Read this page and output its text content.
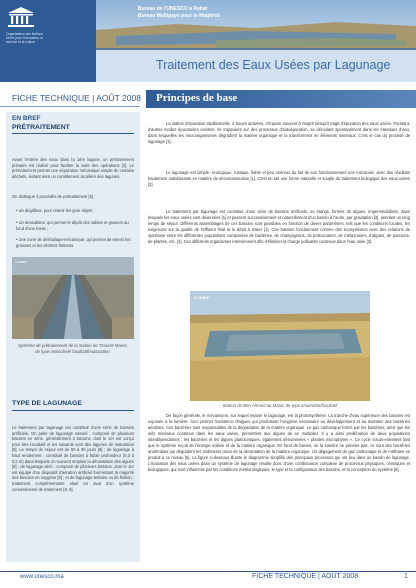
Organisation des Nations Unies pour l'éducation, la science et la culture
Bureau de l'UNESCO à Rabat
Bureau Multipays pour le Maghreb
Traitement des Eaux Usées par Lagunage
FICHE TECHNIQUE | AOÛT 2008 Principes de base
EN BREF
PRÉTRAITEMENT
Avant l'entrée des eaux dans la 1ère lagune, un prétraitement primaire est réalisé pour faciliter la suite des opérations [2]. Le prétraitement permet une séparation mécanique simple de certains déchets, évitant ainsi un comblement accéléré des lagunes.
On distingue 3 procédés de prétraitement [2] :
• Un dégrilleur, pour retenir les gros objets ;
• Un dessableur, qui permet le dépôt des sables et graviers au fond d'une fosse ;
• Une zone de déshuilage-mécanique, qui permet de retenir les graisses et les déchets flottants.
© ONEP
Système de prétraitement de la station de Tzourirt-Maroc, de type ombrofrelé facultatif/maturation.
TYPE DE LAGUNAGE
Le traitement par lagunage est constitué d'une série de bassins artificiels. On parle de lagunage naturel : composé de plusieurs bassins en série, généralement 3 bassins, dont le 1er est conçu pour être facultatif et les suivants sont des lagunes de maturation [8]. Le temps de séjour est de 60 à 90 jours [8] ; de lagunage à haut rendement : constitué de bassins à faible profondeur (0,3 à 0,5 m) dans lesquels on souvent emploie la décantation des algues [8] ; de lagunage aéré : composé de plusieurs bassins, dont le 1er est équipé d'un dispositif d'aération artificiel fournissant la majorité des besoins en oxygène [8] ; et de lagunage tertiaire ou de finition : traitement complémentaire situé en aval d'un système conventionnel de traitement [8, 9].
La station d'épuration traditionnelle, à boues activées, s'impose souvent à l'esprit lorsqu'il s'agit d'épuration des eaux usées. Pourtant, d'autres modes épuratoires existent. Ils s'appuient sur des processus d'autoépuration, se déroulant spontanément dans les étendues d'eau, dans lesquelles les microorganismes dégradent la matière organique et la transforment en éléments minéraux. C'est le cas du procédé de lagunage [1].
Le lagunage est simple, écologique, rustique, fiable et peu onéreux du fait de son fonctionnement non mécanisé, avec des résultats hautement satisfaisants en matière de décontamination [1]. C'est en tait une forme naturelle et souple du traitement biologique des eaux usées [2].
Le traitement par lagunage est constitué d'une série de bassins artificiels, ou étangs, formés de digues, imperméabilisés, dans lesquels les eaux usées sont déversées [1] et passent successivement et naturellement d'un bassin à l'autre, par gravitation [3], pendant un long temps de séjour. Différents assemblages de ces bassins sont possibles en fonction de divers paramètres, tels que les conditions locales, les exigences sur la qualité de l'effluent final et le débit à traiter [1]. Ces bassins fonctionnent comme des écosystèmes avec des relations de symbiose entre les différentes populations composées de bactéries, de champignons, de protozoaires, de métazoaires, d'algues, de poissons, de plantes, etc. [4]. Ces différents organismes interviennent afin d'éliminer la charge polluante contenue dans l'eau usée [3].
© ONEP
Station de Ben Ahmed au Maroc de type anaérobie/facultatif
De façon générale, le mécanisme, sur lequel repose le lagunage, est la photosynthèse. La tranche d'eau supérieure des bassins est exposée à la lumière. Ceci permet l'existence d'algues qui produisent l'oxygène nécessaire au développement et au maintien des bactéries aérobies. Ces bactéries sont responsables de la dégradation de la matière organique. Le gaz carbonique formé par les bactéries, ainsi que les sels minéraux contenus dans les eaux usées, permettent aux algues de se multiplier. Il y a ainsi prolifération de deux populations interdépendantes : les bactéries et les algues planctoniques, également dénommées « plantes microphytes ». Ce cycle s'auto-entretient tant que le système reçoit de l'énergie solaire et de la matière organique. En fond de bassin, où la lumière ne pénètre pas, ce sont des bactéries anaérobies qui dégradent les sédiments issus de la décantation de la matière organique. Un dégagement de gaz carbonique et de méthane se produit à ce niveau [5]. La figure ci-dessous illustre le diagramme simplifié des principaux processus qui ont lieu dans un bassin de lagunage. L'épuration des eaux usées dans un système de lagunage résulte donc d'une combinaison complexe de processus physiques, chimiques et biologiques, qui sont influencés par les conditions météorologiques, le type et la configuration des bassins, et la conception du système [6].
www.unesco.ma	FICHE TECHNIQUE | AOÛT 2008	1
